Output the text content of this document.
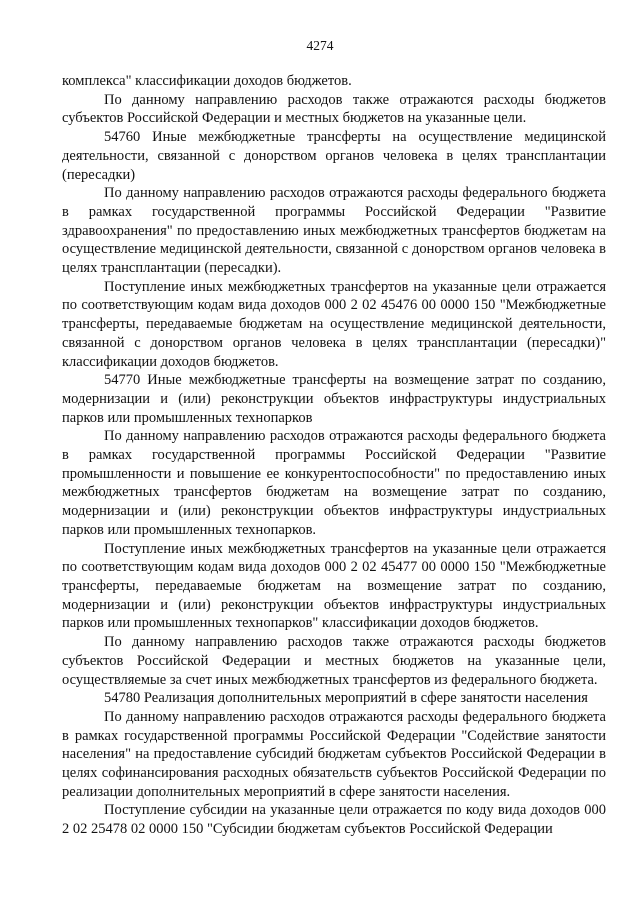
4274

комплекса" классификации доходов бюджетов.

По данному направлению расходов также отражаются расходы бюджетов субъектов Российской Федерации и местных бюджетов на указанные цели.

54760 Иные межбюджетные трансферты на осуществление медицинской деятельности, связанной с донорством органов человека в целях трансплантации (пересадки)

По данному направлению расходов отражаются расходы федерального бюджета в рамках государственной программы Российской Федерации "Развитие здравоохранения" по предоставлению иных межбюджетных трансфертов бюджетам на осуществление медицинской деятельности, связанной с донорством органов человека в целях трансплантации (пересадки).

Поступление иных межбюджетных трансфертов на указанные цели отражается по соответствующим кодам вида доходов 000 2 02 45476 00 0000 150 "Межбюджетные трансферты, передаваемые бюджетам на осуществление медицинской деятельности, связанной с донорством органов человека в целях трансплантации (пересадки)" классификации доходов бюджетов.

54770 Иные межбюджетные трансферты на возмещение затрат по созданию, модернизации и (или) реконструкции объектов инфраструктуры индустриальных парков или промышленных технопарков

По данному направлению расходов отражаются расходы федерального бюджета в рамках государственной программы Российской Федерации "Развитие промышленности и повышение ее конкурентоспособности" по предоставлению иных межбюджетных трансфертов бюджетам на возмещение затрат по созданию, модернизации и (или) реконструкции объектов инфраструктуры индустриальных парков или промышленных технопарков.

Поступление иных межбюджетных трансфертов на указанные цели отражается по соответствующим кодам вида доходов 000 2 02 45477 00 0000 150 "Межбюджетные трансферты, передаваемые бюджетам на возмещение затрат по созданию, модернизации и (или) реконструкции объектов инфраструктуры индустриальных парков или промышленных технопарков" классификации доходов бюджетов.

По данному направлению расходов также отражаются расходы бюджетов субъектов Российской Федерации и местных бюджетов на указанные цели, осуществляемые за счет иных межбюджетных трансфертов из федерального бюджета.

54780 Реализация дополнительных мероприятий в сфере занятости населения

По данному направлению расходов отражаются расходы федерального бюджета в рамках государственной программы Российской Федерации "Содействие занятости населения" на предоставление субсидий бюджетам субъектов Российской Федерации в целях софинансирования расходных обязательств субъектов Российской Федерации по реализации дополнительных мероприятий в сфере занятости населения.

Поступление субсидии на указанные цели отражается по коду вида доходов 000 2 02 25478 02 0000 150 "Субсидии бюджетам субъектов Российской Федерации
